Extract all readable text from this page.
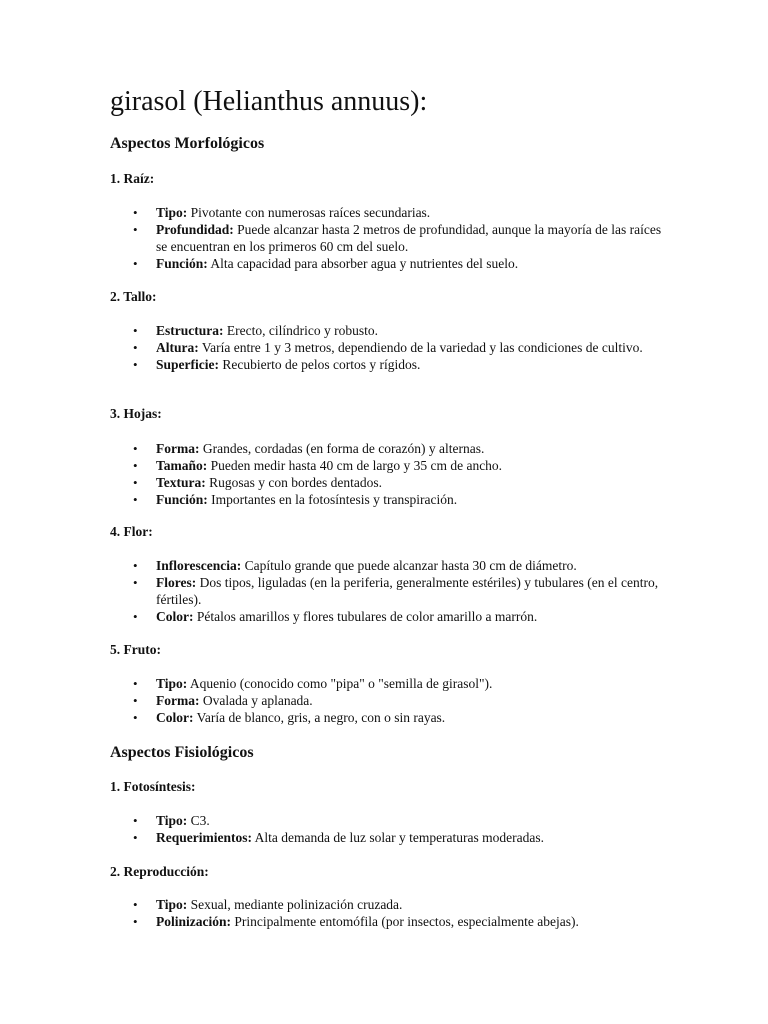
girasol (Helianthus annuus):
Aspectos Morfológicos
1. Raíz:
• Tipo: Pivotante con numerosas raíces secundarias.
• Profundidad: Puede alcanzar hasta 2 metros de profundidad, aunque la mayoría de las raíces se encuentran en los primeros 60 cm del suelo.
• Función: Alta capacidad para absorber agua y nutrientes del suelo.
2. Tallo:
• Estructura: Erecto, cilíndrico y robusto.
• Altura: Varía entre 1 y 3 metros, dependiendo de la variedad y las condiciones de cultivo.
• Superficie: Recubierto de pelos cortos y rígidos.
3. Hojas:
• Forma: Grandes, cordadas (en forma de corazón) y alternas.
• Tamaño: Pueden medir hasta 40 cm de largo y 35 cm de ancho.
• Textura: Rugosas y con bordes dentados.
• Función: Importantes en la fotosíntesis y transpiración.
4. Flor:
• Inflorescencia: Capítulo grande que puede alcanzar hasta 30 cm de diámetro.
• Flores: Dos tipos, liguladas (en la periferia, generalmente estériles) y tubulares (en el centro, fértiles).
• Color: Pétalos amarillos y flores tubulares de color amarillo a marrón.
5. Fruto:
• Tipo: Aquenio (conocido como "pipa" o "semilla de girasol").
• Forma: Ovalada y aplanada.
• Color: Varía de blanco, gris, a negro, con o sin rayas.
Aspectos Fisiológicos
1. Fotosíntesis:
• Tipo: C3.
• Requerimientos: Alta demanda de luz solar y temperaturas moderadas.
2. Reproducción:
• Tipo: Sexual, mediante polinización cruzada.
• Polinización: Principalmente entomófila (por insectos, especialmente abejas).
